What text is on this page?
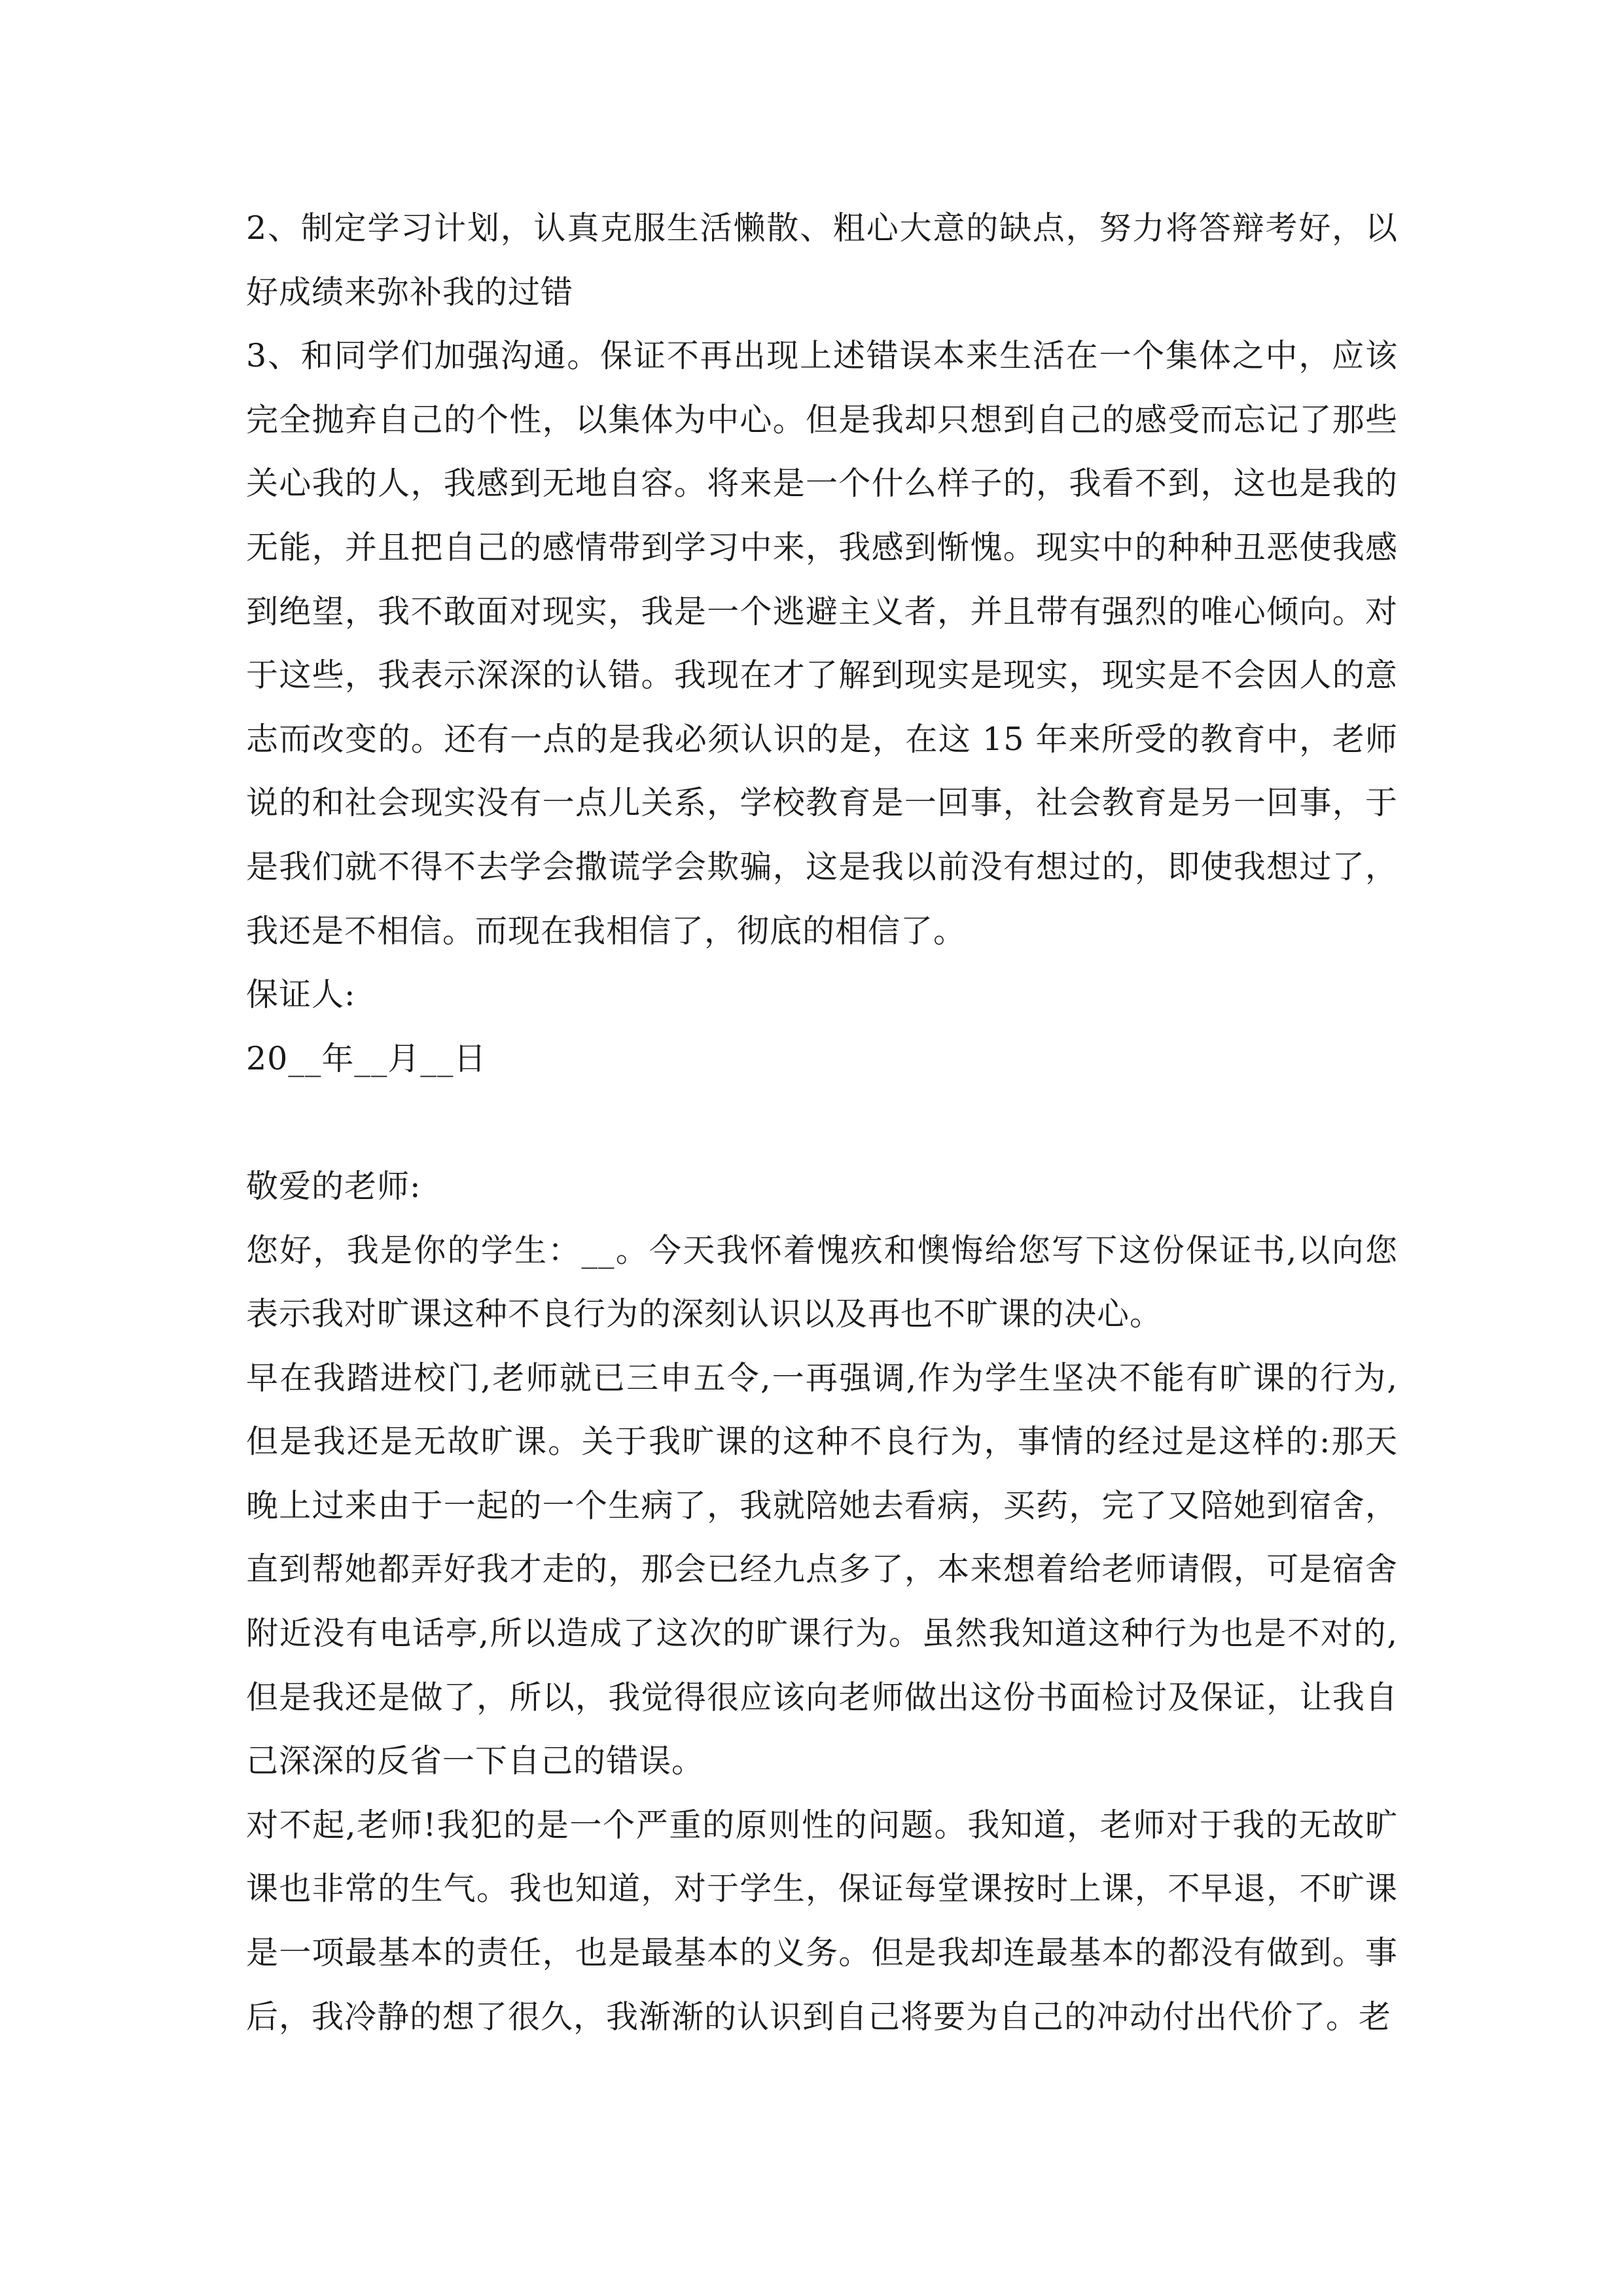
2、制定学习计划，认真克服生活懒散、粗心大意的缺点，努力将答辩考好，以好成绩来弥补我的过错

3、和同学们加强沟通。保证不再出现上述错误本来生活在一个集体之中，应该完全抛弃自己的个性，以集体为中心。但是我却只想到自己的感受而忘记了那些关心我的人，我感到无地自容。将来是一个什么样子的，我看不到，这也是我的无能，并且把自己的感情带到学习中来，我感到惭愧。现实中的种种丑恶使我感到绝望，我不敢面对现实，我是一个逃避主义者，并且带有强烈的唯心倾向。对于这些，我表示深深的认错。我现在才了解到现实是现实，现实是不会因人的意志而改变的。还有一点的是我必须认识的是，在这 15 年来所受的教育中，老师说的和社会现实没有一点儿关系，学校教育是一回事，社会教育是另一回事，于是我们就不得不去学会撒谎学会欺骗，这是我以前没有想过的，即使我想过了，我还是不相信。而现在我相信了，彻底的相信了。

保证人:

20__年__月__日

敬爱的老师:

您好，我是你的学生：__。今天我怀着愧疚和懊悔给您写下这份保证书,以向您表示我对旷课这种不良行为的深刻认识以及再也不旷课的决心。

早在我踏进校门,老师就已三申五令,一再强调,作为学生坚决不能有旷课的行为,但是我还是无故旷课。关于我旷课的这种不良行为，事情的经过是这样的:那天晚上过来由于一起的一个生病了，我就陪她去看病，买药，完了又陪她到宿舍，直到帮她都弄好我才走的，那会已经九点多了，本来想着给老师请假，可是宿舍附近没有电话亭,所以造成了这次的旷课行为。虽然我知道这种行为也是不对的,但是我还是做了，所以，我觉得很应该向老师做出这份书面检讨及保证，让我自己深深的反省一下自己的错误。

对不起,老师!我犯的是一个严重的原则性的问题。我知道，老师对于我的无故旷课也非常的生气。我也知道，对于学生，保证每堂课按时上课，不早退，不旷课是一项最基本的责任，也是最基本的义务。但是我却连最基本的都没有做到。事后，我冷静的想了很久，我渐渐的认识到自己将要为自己的冲动付出代价了。老
